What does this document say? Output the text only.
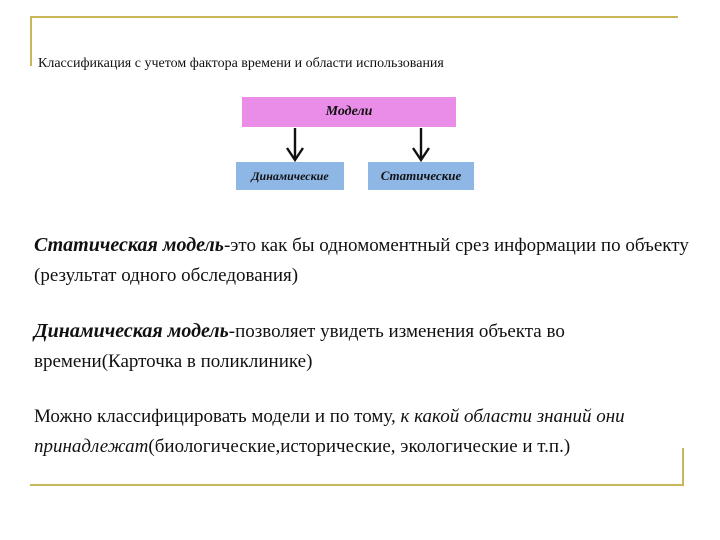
Классификация с учетом фактора времени и области использования
Модели
Динамические	Статические
Статическая модель-это как бы одномоментный срез информации по объекту (результат одного обследования)
Динамическая модель-позволяет увидеть изменения объекта во времени(Карточка в поликлинике)
Можно классифицировать модели и по тому, к какой области знаний они принадлежат(биологические,исторические, экологические и т.п.)
